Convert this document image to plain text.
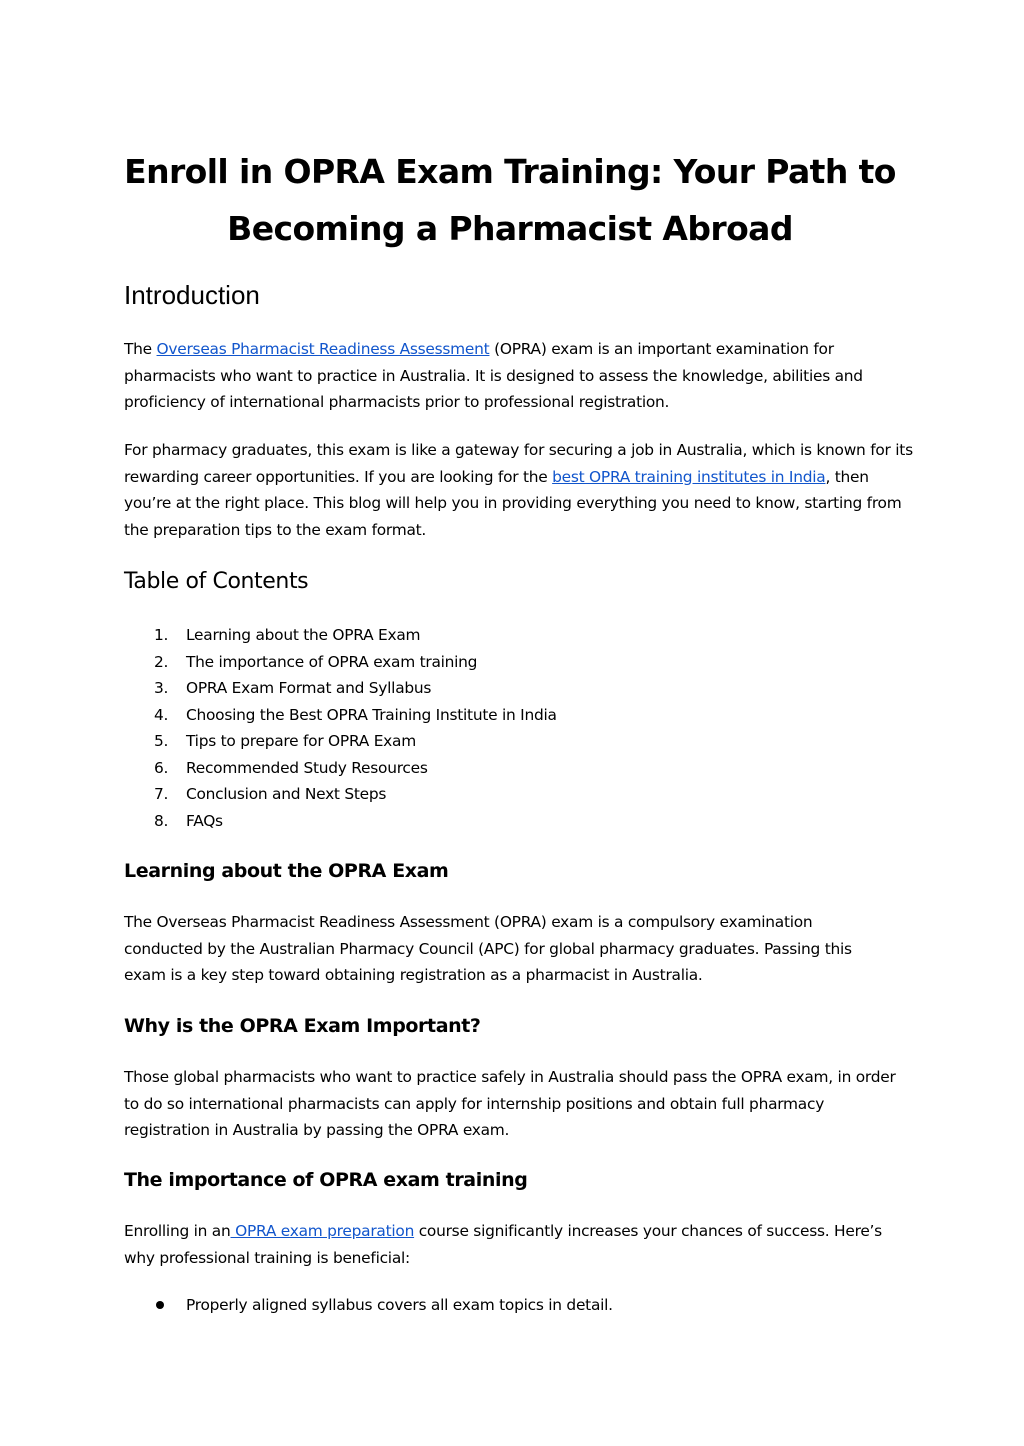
Enroll in OPRA Exam Training: Your Path to
Becoming a Pharmacist Abroad
Introduction

The Overseas Pharmacist Readiness Assessment (OPRA) exam is an important examination for pharmacists who want to practice in Australia. It is designed to assess the knowledge, abilities and proficiency of international pharmacists prior to professional registration.

For pharmacy graduates, this exam is like a gateway for securing a job in Australia, which is known for its rewarding career opportunities. If you are looking for the best OPRA training institutes in India, then you’re at the right place. This blog will help you in providing everything you need to know, starting from the preparation tips to the exam format.

Table of Contents
1. Learning about the OPRA Exam
2. The importance of OPRA exam training
3. OPRA Exam Format and Syllabus
4. Choosing the Best OPRA Training Institute in India
5. Tips to prepare for OPRA Exam
6. Recommended Study Resources
7. Conclusion and Next Steps
8. FAQs
Learning about the OPRA Exam

The Overseas Pharmacist Readiness Assessment (OPRA) exam is a compulsory examination conducted by the Australian Pharmacy Council (APC) for global pharmacy graduates. Passing this exam is a key step toward obtaining registration as a pharmacist in Australia.

Why is the OPRA Exam Important?

Those global pharmacists who want to practice safely in Australia should pass the OPRA exam, in order to do so international pharmacists can apply for internship positions and obtain full pharmacy registration in Australia by passing the OPRA exam.

The importance of OPRA exam training

Enrolling in an OPRA exam preparation course significantly increases your chances of success. Here’s why professional training is beneficial:

Properly aligned syllabus covers all exam topics in detail.
